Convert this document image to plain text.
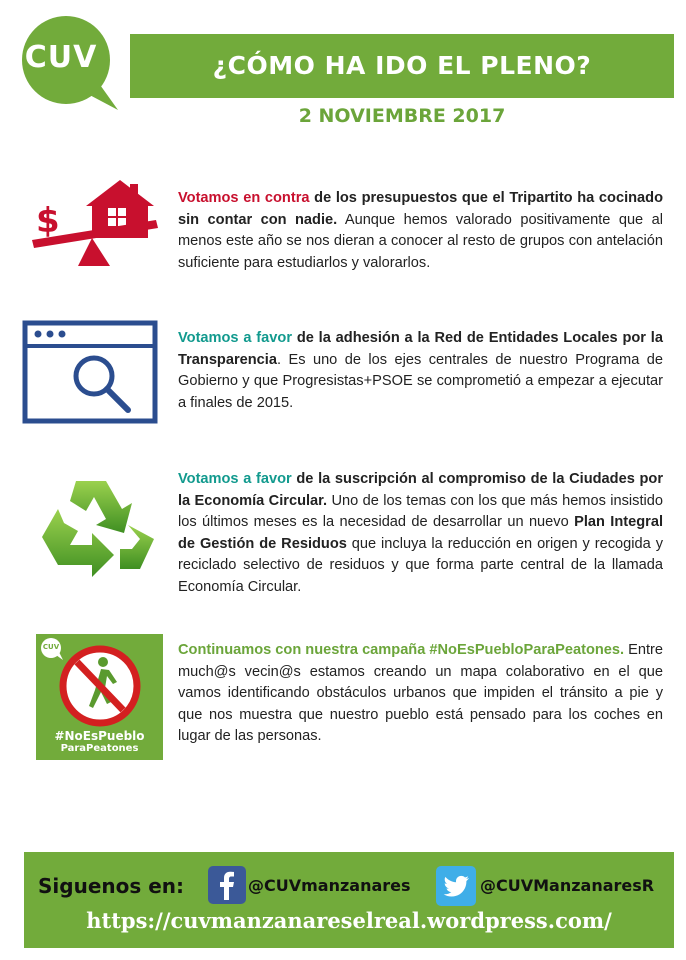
CUV	¿CÓMO HA IDO EL PLENO?
2 NOVIEMBRE 2017
$
Votamos en contra de los presupuestos que el Tripartito ha cocinado sin contar con nadie. Aunque hemos valorado positivamente que al menos este año se nos dieran a conocer al resto de grupos con antelación suficiente para estudiarlos y valorarlos.
Votamos a favor de la adhesión a la Red de Entidades Locales por la Transparencia. Es uno de los ejes centrales de nuestro Programa de Gobierno y que Progresistas+PSOE se comprometió a empezar a ejecutar a finales de 2015.
Votamos a favor de la suscripción al compromiso de la Ciudades por la Economía Circular. Uno de los temas con los que más hemos insistido los últimos meses es la necesidad de desarrollar un nuevo Plan Integral de Gestión de Residuos que incluya la reducción en origen y recogida y reciclado selectivo de residuos y que forma parte central de la llamada Economía Circular.
CUV
#NoEsPueblo
ParaPeatones
Continuamos con nuestra campaña #NoEsPuebloParaPeatones. Entre much@s vecin@s estamos creando un mapa colaborativo en el que vamos identificando obstáculos urbanos que impiden el tránsito a pie y que nos muestra que nuestro pueblo está pensado para los coches en lugar de las personas.
Siguenos en:	@CUVmanzanares	@CUVManzanaresR
https://cuvmanzanareselreal.wordpress.com/
